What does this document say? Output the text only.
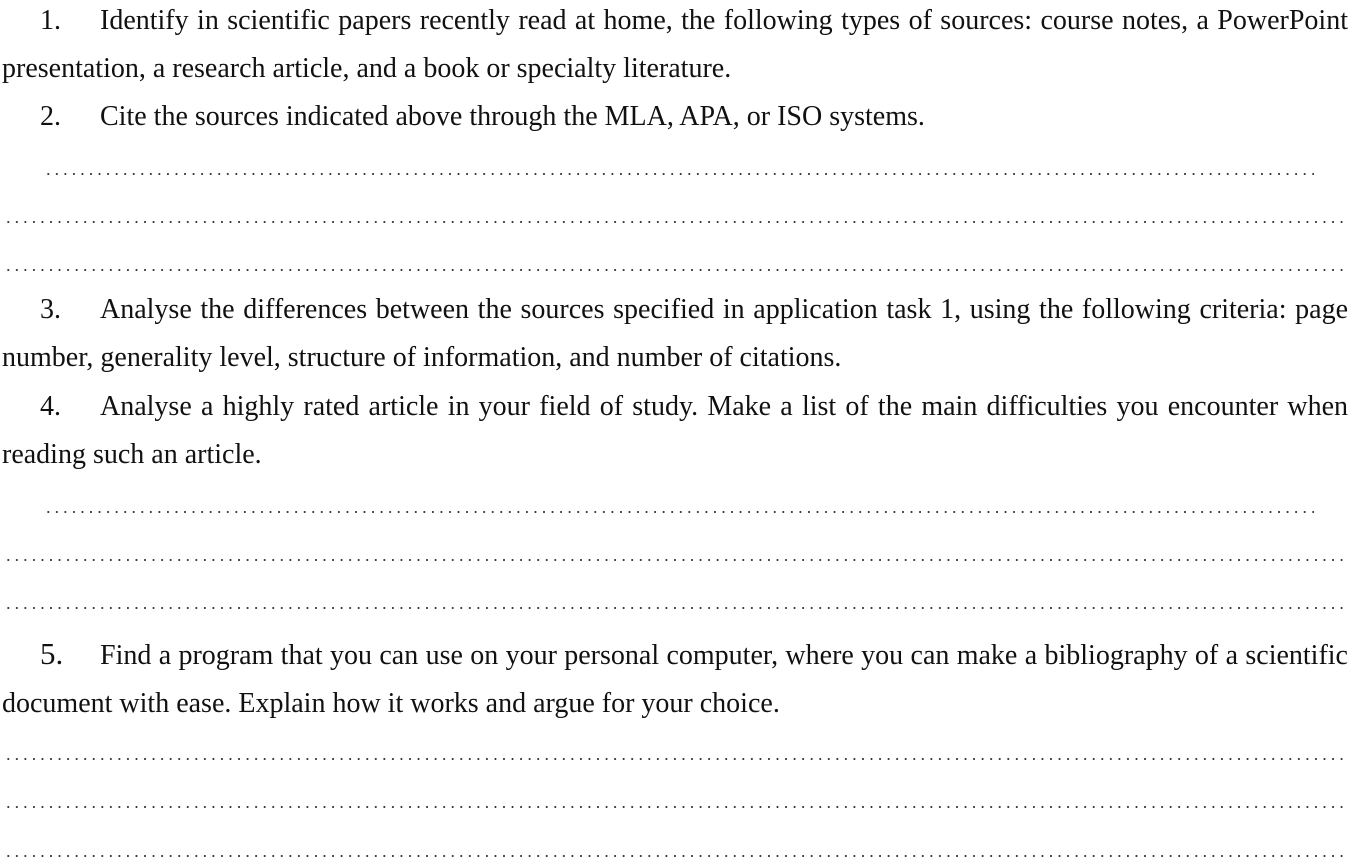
1. Identify in scientific papers recently read at home, the following types of sources: course notes, a PowerPoint presentation, a research article, and a book or specialty literature.

2. Cite the sources indicated above through the MLA, APA, or ISO systems.

3. Analyse the differences between the sources specified in application task 1, using the following criteria: page number, generality level, structure of information, and number of citations.

4. Analyse a highly rated article in your field of study. Make a list of the main difficulties you encounter when reading such an article.

5. Find a program that you can use on your personal computer, where you can make a bibliography of a scientific document with ease. Explain how it works and argue for your choice.
